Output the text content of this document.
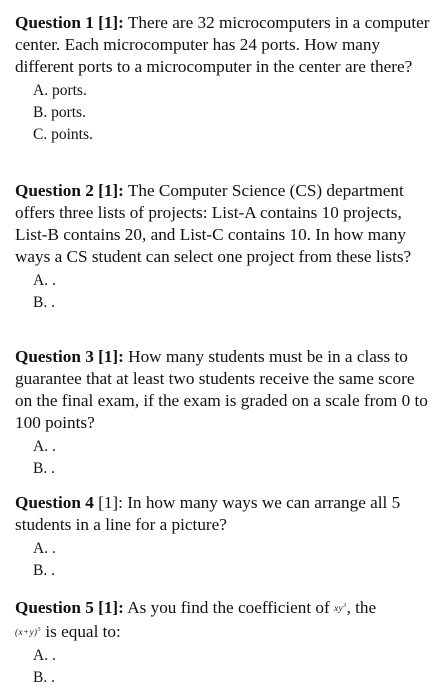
Question 1 [1]: There are 32 microcomputers in a computer center. Each microcomputer has 24 ports. How many different ports to a microcomputer in the center are there?

A. ports.
B. ports.
C. points.

Question 2 [1]: The Computer Science (CS) department offers three lists of projects: List-A contains 10 projects, List-B contains 20, and List-C contains 10. In how many ways a CS student can select one project from these lists?

A. .
B. .

Question 3 [1]: How many students must be in a class to guarantee that at least two students receive the same score on the final exam, if the exam is graded on a scale from 0 to 100 points?

A. .
B. .

Question 4 [1]: In how many ways we can arrange all 5 students in a line for a picture?

A. .
B. .

Question 5 [1]: As you find the coefficient of $xy^3$, the
$(x+y)^5$ is equal to:

A. .
B. .
